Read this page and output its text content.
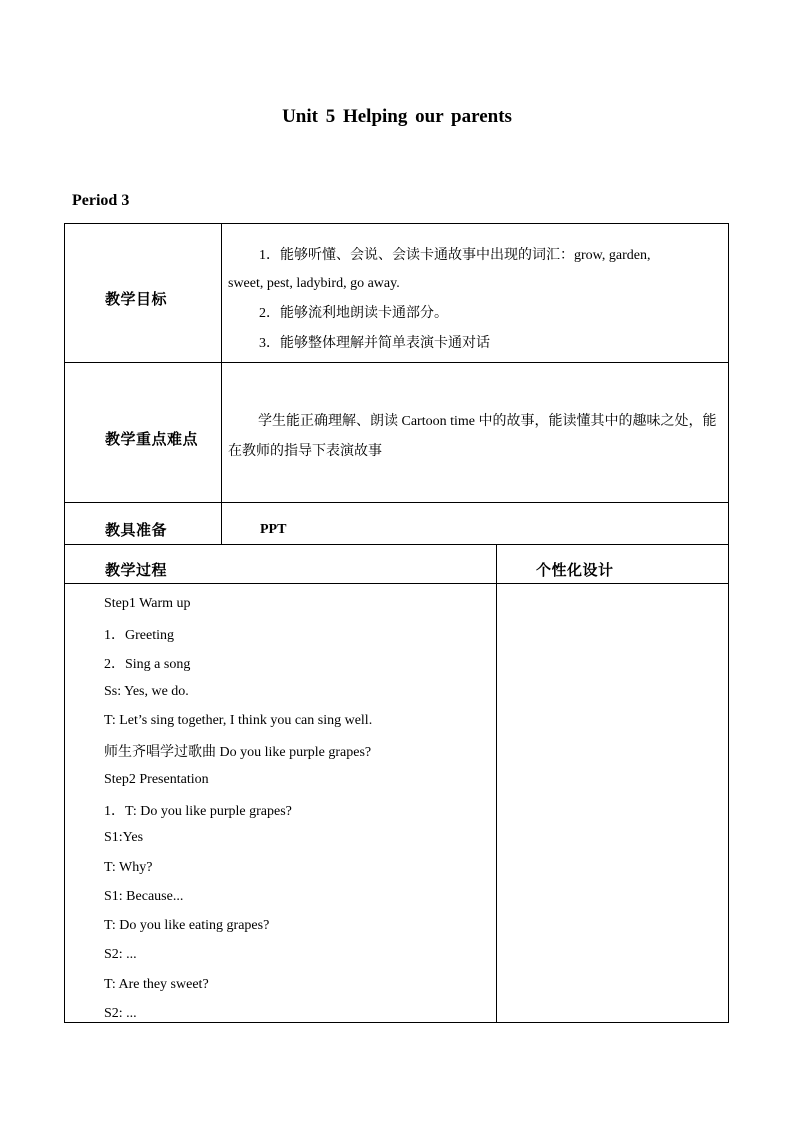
Unit 5 Helping our parents
Period 3
教学目标
1．能够听懂、会说、会读卡通故事中出现的词汇：grow, garden,
sweet, pest, ladybird, go away.
2．能够流利地朗读卡通部分。
3．能够整体理解并简单表演卡通对话
教学重点难点
学生能正确理解、朗读 Cartoon time 中的故事，能读懂其中的趣味之处，能在教师的指导下表演故事
教具准备	PPT
教学过程	个性化设计
Step1 Warm up
1．Greeting
2．Sing a song
Ss: Yes, we do.
T: Let’s sing together, I think you can sing well.
师生齐唱学过歌曲 Do you like purple grapes?
Step2 Presentation
1．T: Do you like purple grapes?
S1:Yes
T: Why?
S1: Because...
T: Do you like eating grapes?
S2: ...
T: Are they sweet?
S2: ...
